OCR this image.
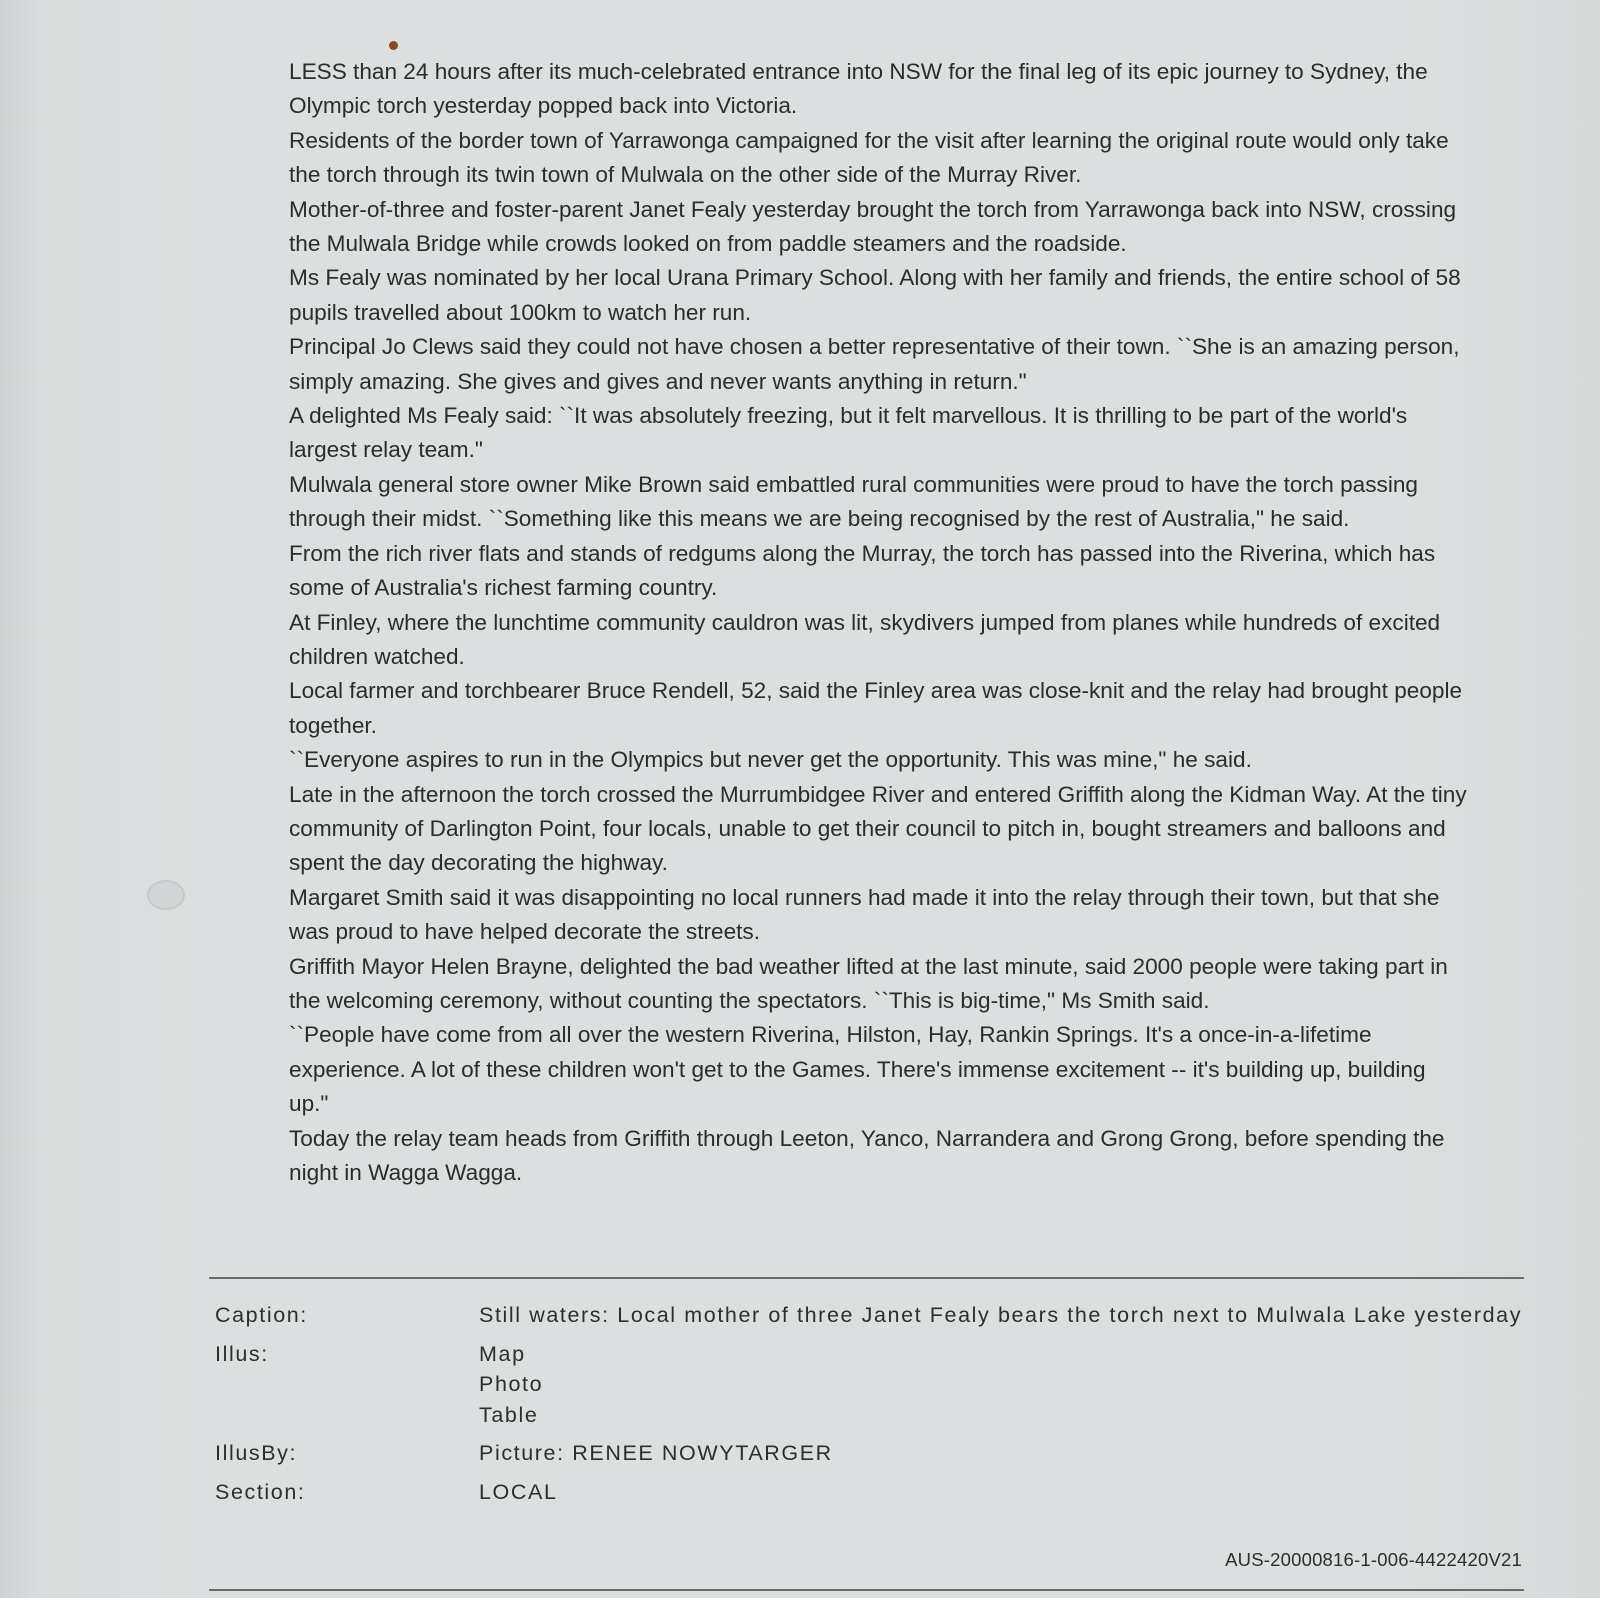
LESS than 24 hours after its much-celebrated entrance into NSW for the final leg of its epic journey to Sydney, the Olympic torch yesterday popped back into Victoria.

Residents of the border town of Yarrawonga campaigned for the visit after learning the original route would only take the torch through its twin town of Mulwala on the other side of the Murray River.

Mother-of-three and foster-parent Janet Fealy yesterday brought the torch from Yarrawonga back into NSW, crossing the Mulwala Bridge while crowds looked on from paddle steamers and the roadside.

Ms Fealy was nominated by her local Urana Primary School. Along with her family and friends, the entire school of 58 pupils travelled about 100km to watch her run.

Principal Jo Clews said they could not have chosen a better representative of their town. ``She is an amazing person, simply amazing. She gives and gives and never wants anything in return."

A delighted Ms Fealy said: ``It was absolutely freezing, but it felt marvellous. It is thrilling to be part of the world's largest relay team."

Mulwala general store owner Mike Brown said embattled rural communities were proud to have the torch passing through their midst. ``Something like this means we are being recognised by the rest of Australia," he said.

From the rich river flats and stands of redgums along the Murray, the torch has passed into the Riverina, which has some of Australia's richest farming country.

At Finley, where the lunchtime community cauldron was lit, skydivers jumped from planes while hundreds of excited children watched.

Local farmer and torchbearer Bruce Rendell, 52, said the Finley area was close-knit and the relay had brought people together.

``Everyone aspires to run in the Olympics but never get the opportunity. This was mine," he said.

Late in the afternoon the torch crossed the Murrumbidgee River and entered Griffith along the Kidman Way. At the tiny community of Darlington Point, four locals, unable to get their council to pitch in, bought streamers and balloons and spent the day decorating the highway.

Margaret Smith said it was disappointing no local runners had made it into the relay through their town, but that she was proud to have helped decorate the streets.

Griffith Mayor Helen Brayne, delighted the bad weather lifted at the last minute, said 2000 people were taking part in the welcoming ceremony, without counting the spectators. ``This is big-time," Ms Smith said.

``People have come from all over the western Riverina, Hilston, Hay, Rankin Springs. It's a once-in-a-lifetime experience. A lot of these children won't get to the Games. There's immense excitement -- it's building up, building up."

Today the relay team heads from Griffith through Leeton, Yanco, Narrandera and Grong Grong, before spending the night in Wagga Wagga.

Caption:	Still waters: Local mother of three Janet Fealy bears the torch next to Mulwala Lake yesterday
Illus:	Map
Photo
Table
IllusBy:	Picture: RENEE NOWYTARGER
Section:	LOCAL
AUS-20000816-1-006-4422420V21
